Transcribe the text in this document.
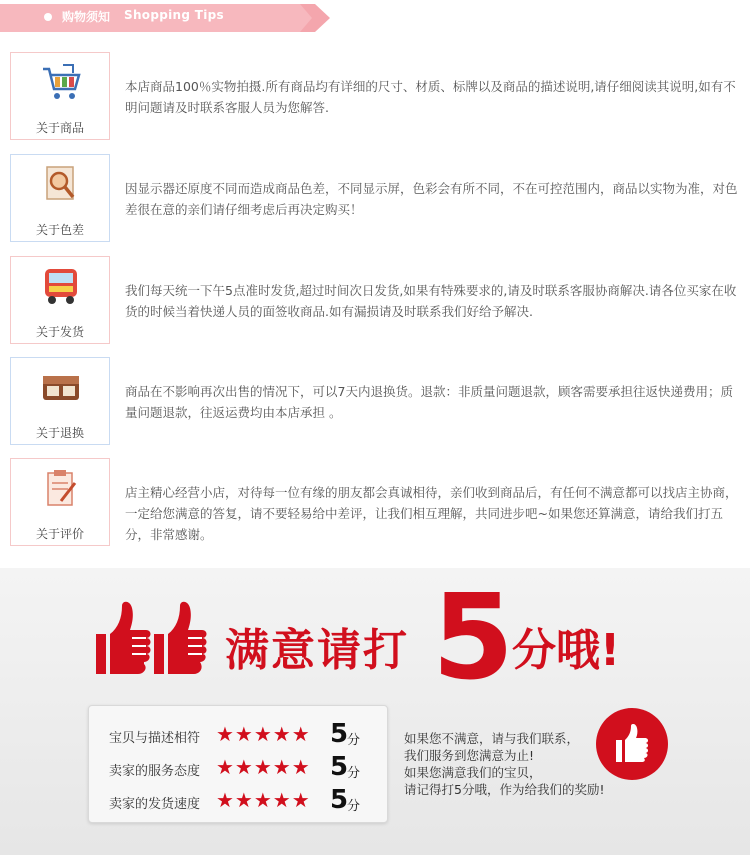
购物须知 Shopping Tips
关于商品
本店商品100％实物拍摄.所有商品均有详细的尺寸、材质、标牌以及商品的描述说明,请仔细阅读其说明,如有不明问题请及时联系客服人员为您解答.
关于色差
因显示器还原度不同而造成商品色差，不同显示屏，色彩会有所不同，不在可控范围内，商品以实物为准，对色差很在意的亲们请仔细考虑后再决定购买！
关于发货
我们每天统一下午5点准时发货,超过时间次日发货,如果有特殊要求的,请及时联系客服协商解决.请各位买家在收货的时候当着快递人员的面签收商品.如有漏损请及时联系我们好给予解决.
关于退换
商品在不影响再次出售的情况下，可以7天内退换货。退款：非质量问题退款，顾客需要承担往返快递费用；质量问题退款，往返运费均由本店承担 。
关于评价
店主精心经营小店，对待每一位有缘的朋友都会真诚相待，亲们收到商品后，有任何不满意都可以找店主协商，一定给您满意的答复，请不要轻易给中差评，让我们相互理解，共同进步吧~如果您还算满意，请给我们打五分，非常感谢。
满意请打 5
分哦!
宝贝与描述相符 ★★★★★ 5
分
卖家的服务态度 ★★★★★ 5
分
卖家的发货速度 ★★★★★ 5
分
如果您不满意，请与我们联系，
我们服务到您满意为止!
如果您满意我们的宝贝，
请记得打5分哦，作为给我们的奖励!
